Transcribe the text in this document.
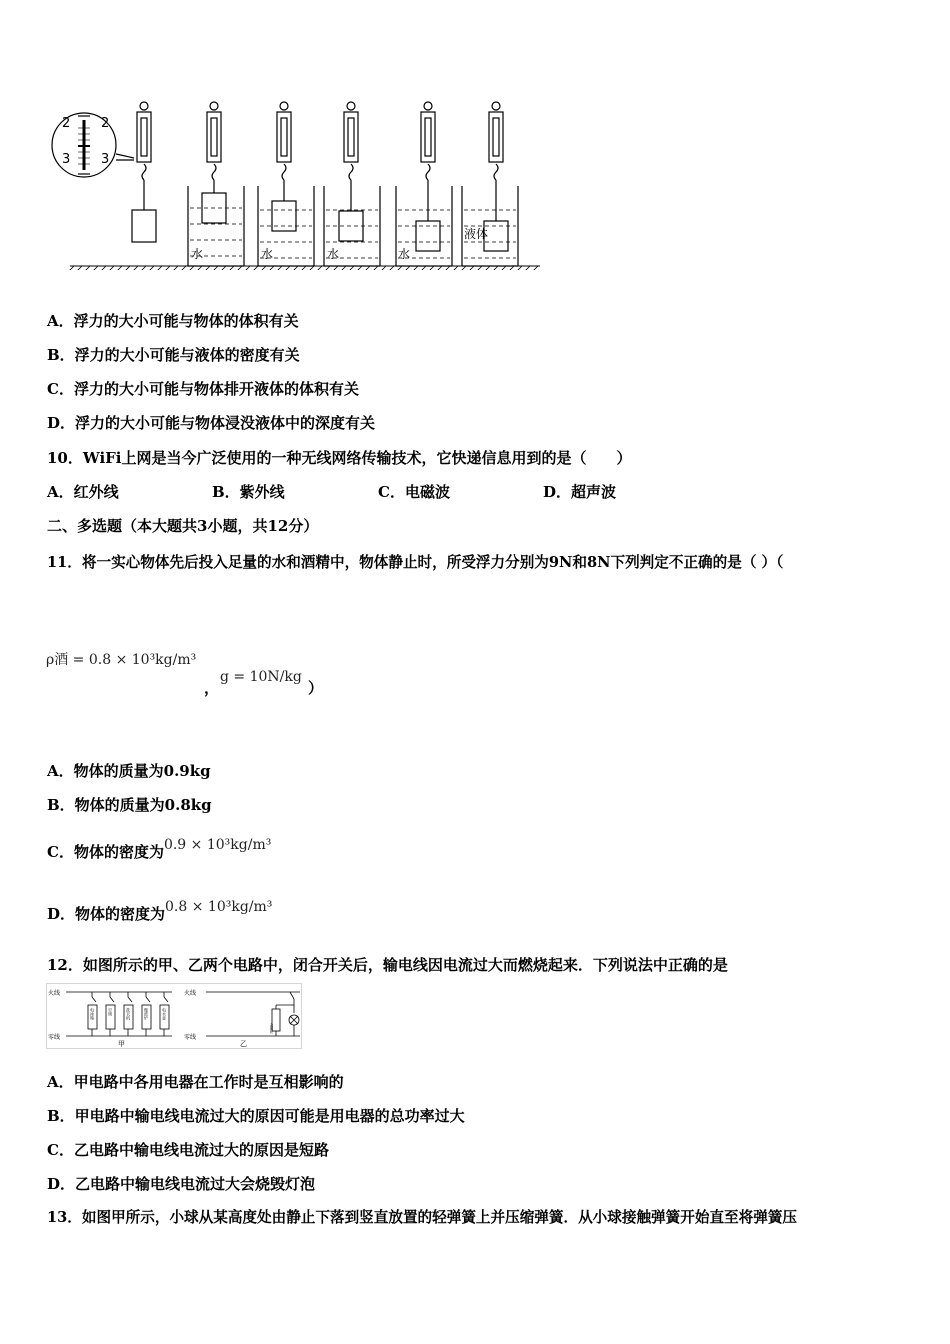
2 2
3 3
水	水	水	水
液体
A．浮力的大小可能与物体的体积有关
B．浮力的大小可能与液体的密度有关
C．浮力的大小可能与物体排开液体的体积有关
D．浮力的大小可能与物体浸没液体中的深度有关
10．WiFi上网是当今广泛使用的一种无线网络传输技术，它快递信息用到的是（　　）
A．红外线	B．紫外线	C．电磁波	D．超声波
二、多选题（本大题共3小题，共12分）
11．将一实心物体先后投入足量的水和酒精中，物体静止时，所受浮力分别为9N和8N下列判定不正确的是（ ）（
ρ酒 = 0.8 × 10³kg/m³
，
g = 10N/kg
）
A．物体的质量为0.9kg
B．物体的质量为0.8kg
C．物体的密度为0.9 × 10³kg/m³
D．物体的密度为0.8 × 10³kg/m³
12．如图所示的甲、乙两个电路中，闭合开关后，输电线因电流过大而燃烧起来．下列说法中正确的是
火线
零线
甲
火线
零线
乙
金属丝
电冰箱	空调	洗衣机	微波炉	电水壶
A．甲电路中各用电器在工作时是互相影响的
B．甲电路中输电线电流过大的原因可能是用电器的总功率过大
C．乙电路中输电线电流过大的原因是短路
D．乙电路中输电线电流过大会烧毁灯泡
13．如图甲所示，小球从某高度处由静止下落到竖直放置的轻弹簧上并压缩弹簧．从小球接触弹簧开始直至将弹簧压
